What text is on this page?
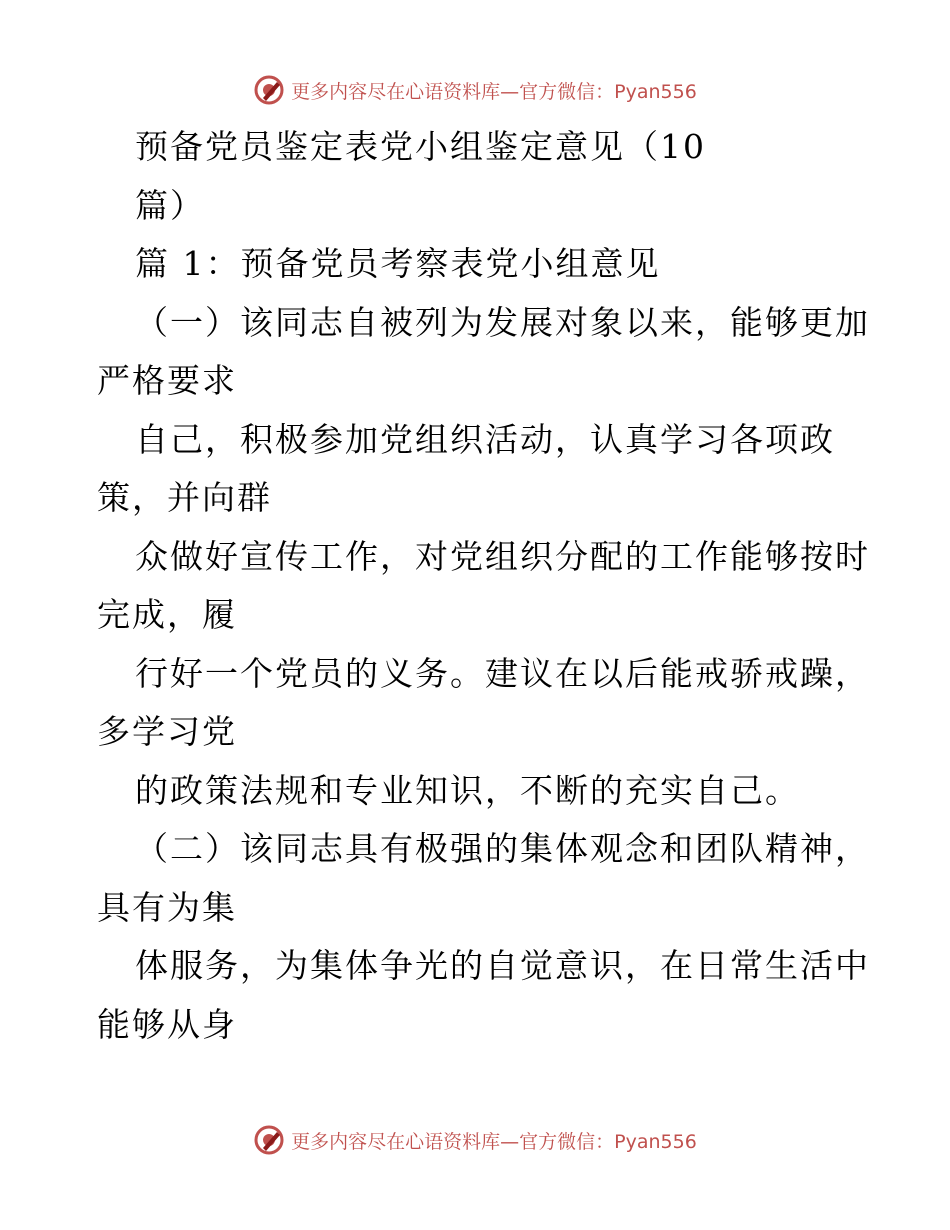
更多内容尽在心语资料库—官方微信：Pyan556
预备党员鉴定表党小组鉴定意见（10
篇）
篇 1：预备党员考察表党小组意见
（一）该同志自被列为发展对象以来，能够更加
严格要求
自己，积极参加党组织活动，认真学习各项政
策，并向群
众做好宣传工作，对党组织分配的工作能够按时
完成，履
行好一个党员的义务。建议在以后能戒骄戒躁，
多学习党
的政策法规和专业知识，不断的充实自己。
（二）该同志具有极强的集体观念和团队精神，
具有为集
体服务，为集体争光的自觉意识，在日常生活中
能够从身
更多内容尽在心语资料库—官方微信：Pyan556
